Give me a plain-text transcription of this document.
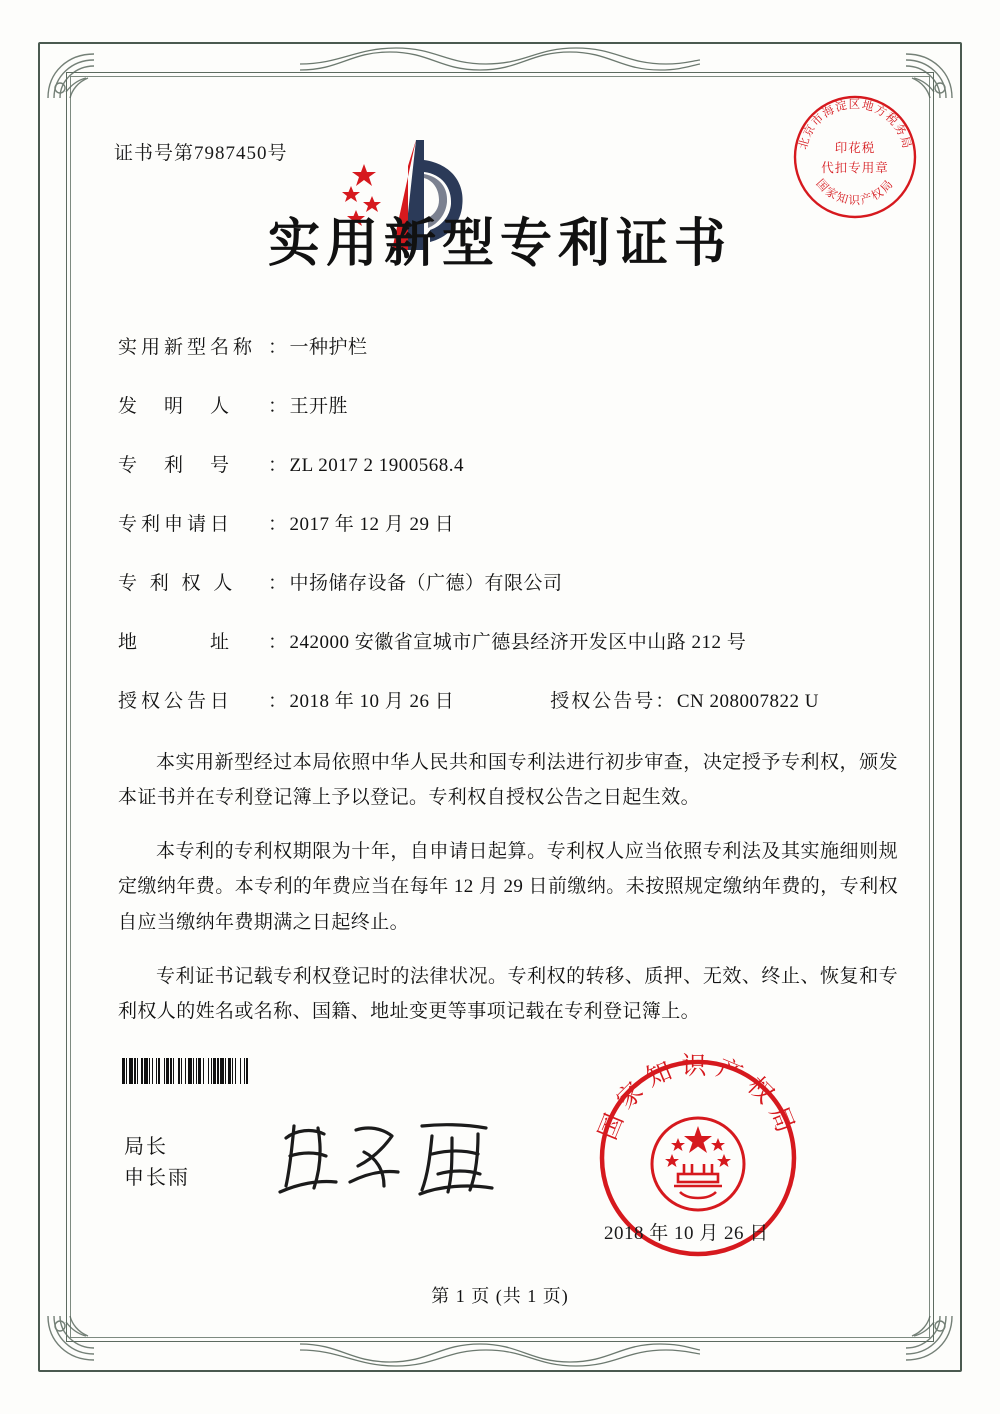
北京市海淀区地方税务局
国家知识产权局
印花税
代扣专用章
证书号第7987450号
实用新型专利证书
实用新型名称 ： 一种护栏
发　明　人	： 王开胜
专　利　号	： ZL 2017 2 1900568.4
专利申请日	： 2017 年 12 月 29 日
专 利 权 人	： 中扬储存设备（广德）有限公司
地　　　址	： 242000 安徽省宣城市广德县经济开发区中山路 212 号
授权公告日	： 2018 年 10 月 26 日	授权公告号 ： CN 208007822 U

本实用新型经过本局依照中华人民共和国专利法进行初步审查，决定授予专利权，颁发本证书并在专利登记簿上予以登记。专利权自授权公告之日起生效。

本专利的专利权期限为十年，自申请日起算。专利权人应当依照专利法及其实施细则规定缴纳年费。本专利的年费应当在每年 12 月 29 日前缴纳。未按照规定缴纳年费的，专利权自应当缴纳年费期满之日起终止。

专利证书记载专利权登记时的法律状况。专利权的转移、质押、无效、终止、恢复和专利权人的姓名或名称、国籍、地址变更等事项记载在专利登记簿上。

局长
申长雨
国家知识产权局
2018 年 10 月 26 日
第 1 页 (共 1 页)
